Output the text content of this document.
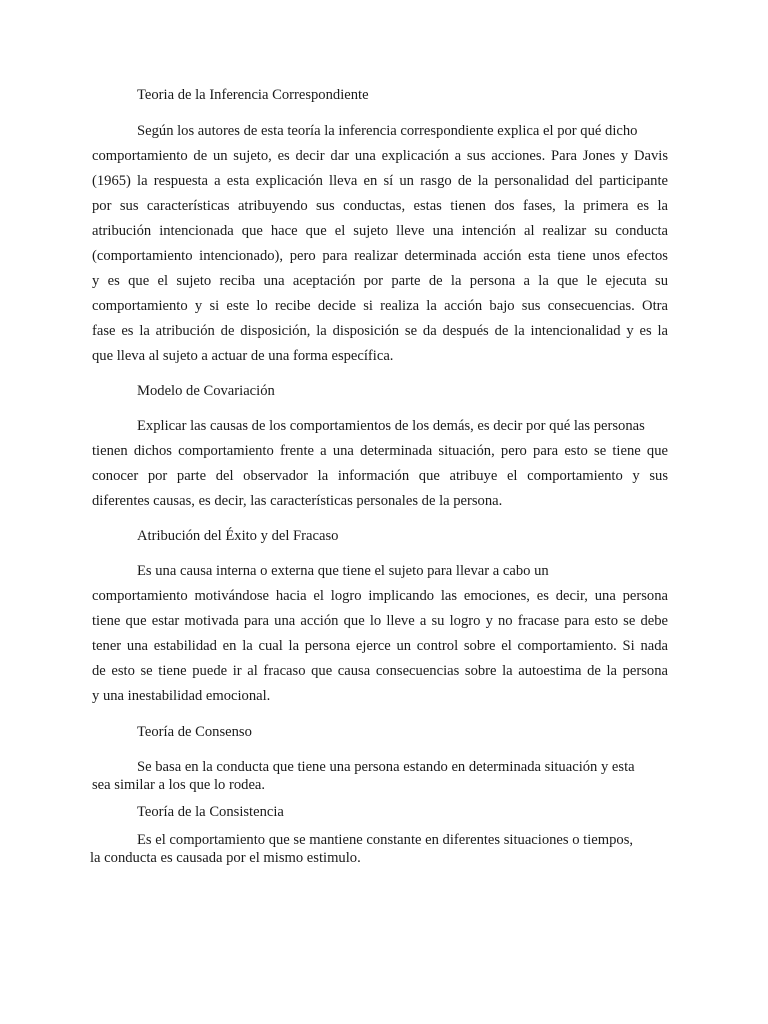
Teoria de la Inferencia Correspondiente

Según los autores de esta teoría la inferencia correspondiente explica el por qué dicho

comportamiento de un sujeto, es decir dar una explicación a sus acciones. Para Jones y Davis

(1965) la respuesta a esta explicación lleva en sí un rasgo de la personalidad del participante

por sus características atribuyendo sus conductas, estas tienen dos fases, la primera es la

atribución intencionada que hace que el sujeto lleve una intención al realizar su conducta

(comportamiento intencionado), pero para realizar determinada acción esta tiene unos efectos

y es que el sujeto reciba una aceptación por parte de la persona a la que le ejecuta su

comportamiento y si este lo recibe decide si realiza la acción bajo sus consecuencias. Otra

fase es la atribución de disposición, la disposición se da después de la intencionalidad y es la

que lleva al sujeto a actuar de una forma específica.

Modelo de Covariación

Explicar las causas de los comportamientos de los demás, es decir por qué las personas

tienen dichos comportamiento frente a una determinada situación, pero para esto se tiene que

conocer por parte del observador la información que atribuye el comportamiento y sus

diferentes causas, es decir, las características personales de la persona.

Atribución del Éxito y del Fracaso

Es una causa interna o externa que tiene el sujeto para llevar a cabo un

comportamiento motivándose hacia el logro implicando las emociones, es decir, una persona

tiene que estar motivada para una acción que lo lleve a su logro y no fracase para esto se debe

tener una estabilidad en la cual la persona ejerce un control sobre el comportamiento. Si nada

de esto se tiene puede ir al fracaso que causa consecuencias sobre la autoestima de la persona

y una inestabilidad emocional.

Teoría de Consenso

Se basa en la conducta que tiene una persona estando en determinada situación y esta

sea similar a los que lo rodea.

Teoría de la Consistencia

Es el comportamiento que se mantiene constante en diferentes situaciones o tiempos,

la conducta es causada por el mismo estimulo.
